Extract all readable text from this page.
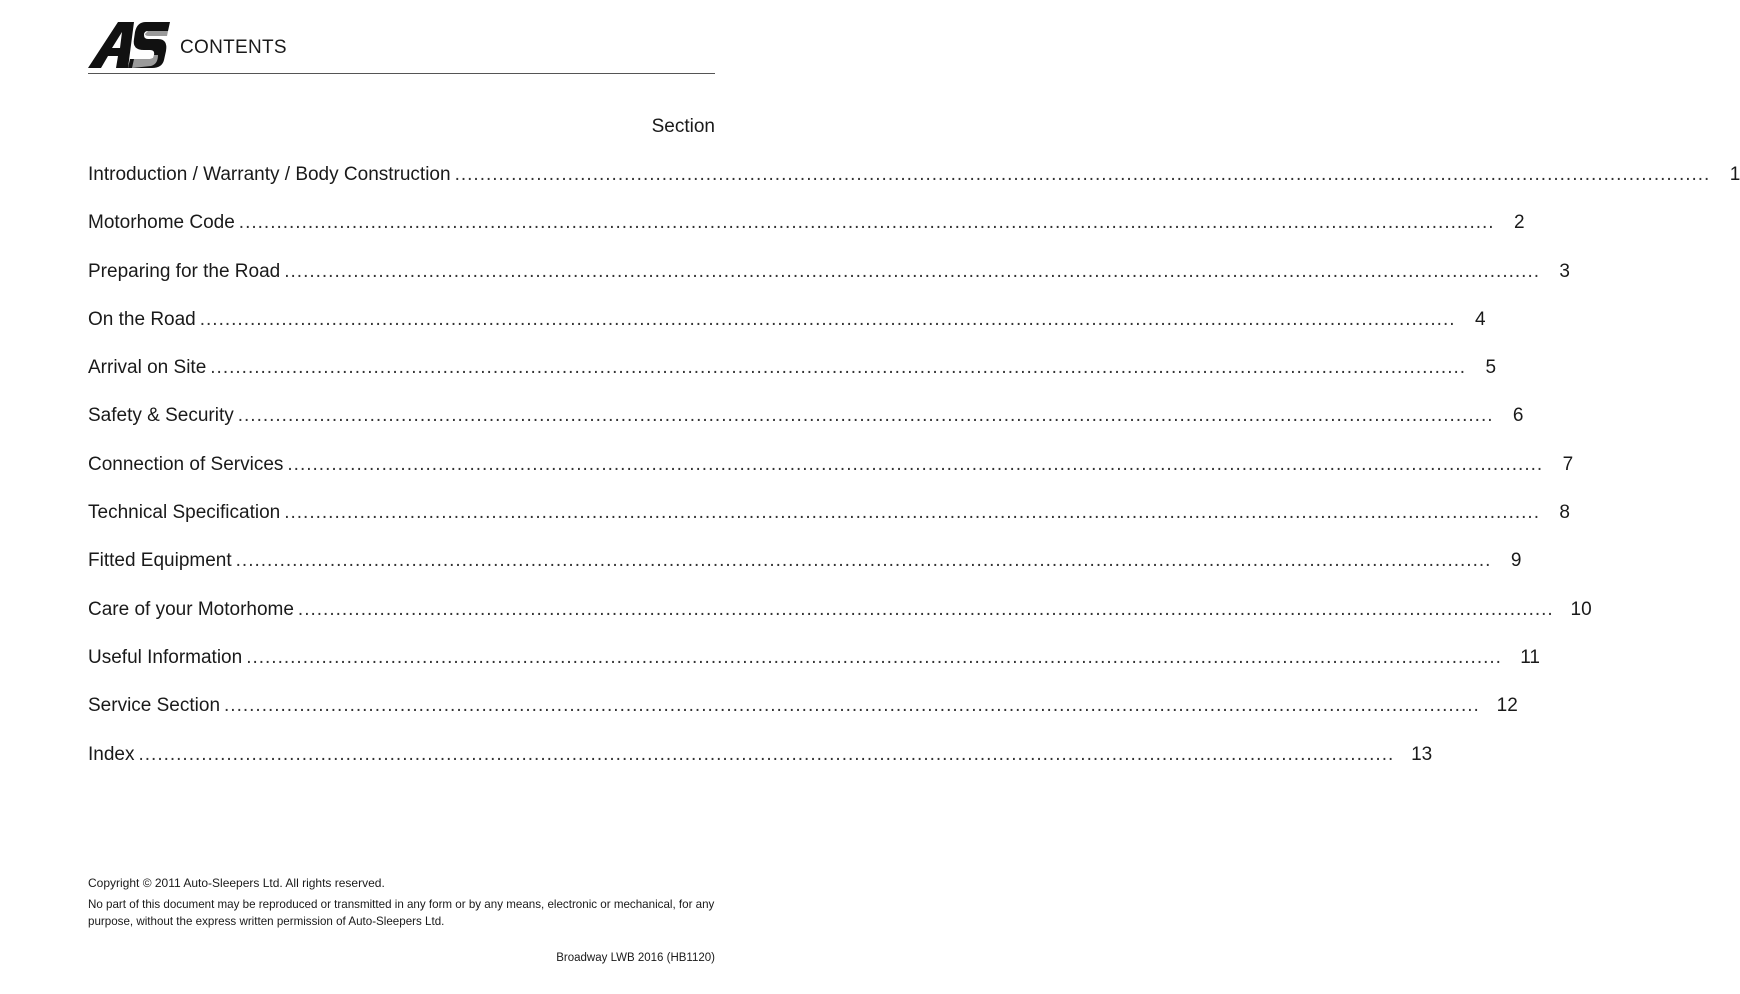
CONTENTS
Section
Introduction / Warranty / Body Construction ........................................................................................................................................................................................................	1
Motorhome Code ........................................................................................................................................................................................................	2
Preparing for the Road ........................................................................................................................................................................................................	3
On the Road ........................................................................................................................................................................................................	4
Arrival on Site ........................................................................................................................................................................................................	5
Safety & Security ........................................................................................................................................................................................................	6
Connection of Services ........................................................................................................................................................................................................	7
Technical Specification ........................................................................................................................................................................................................	8
Fitted Equipment ........................................................................................................................................................................................................	9
Care of your Motorhome ........................................................................................................................................................................................................ 10
Useful Information ........................................................................................................................................................................................................ 11
Service Section ........................................................................................................................................................................................................ 12
Index ........................................................................................................................................................................................................ 13

Copyright © 2011 Auto-Sleepers Ltd. All rights reserved.

No part of this document may be reproduced or transmitted in any form or by any means, electronic or mechanical, for any purpose, without the express written permission of Auto-Sleepers Ltd.

Broadway LWB 2016 (HB1120)
